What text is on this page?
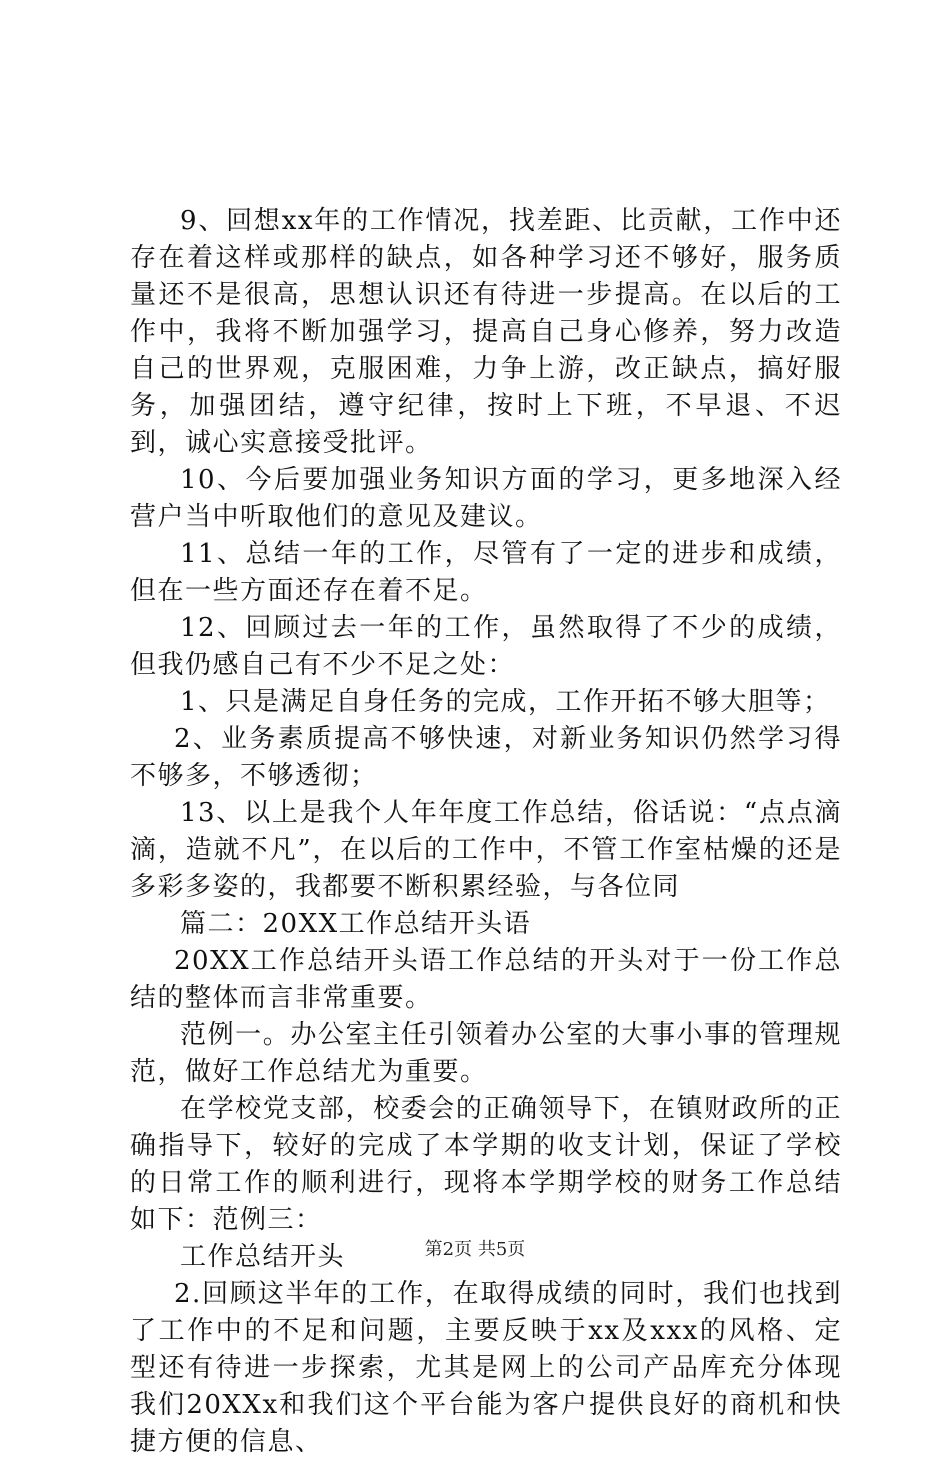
9、回想xx年的工作情况，找差距、比贡献，工作中还存在着这样或那样的缺点，如各种学习还不够好，服务质量还不是很高，思想认识还有待进一步提高。在以后的工作中，我将不断加强学习，提高自己身心修养，努力改造自己的世界观，克服困难，力争上游，改正缺点，搞好服务，加强团结，遵守纪律，按时上下班，不早退、不迟到，诚心实意接受批评。

10、今后要加强业务知识方面的学习，更多地深入经营户当中听取他们的意见及建议。

11、总结一年的工作，尽管有了一定的进步和成绩，但在一些方面还存在着不足。

12、回顾过去一年的工作，虽然取得了不少的成绩，但我仍感自己有不少不足之处：

1、只是满足自身任务的完成，工作开拓不够大胆等；

2、业务素质提高不够快速，对新业务知识仍然学习得不够多，不够透彻；

13、以上是我个人年年度工作总结，俗话说：“点点滴滴，造就不凡”，在以后的工作中，不管工作室枯燥的还是多彩多姿的，我都要不断积累经验，与各位同

篇二：20XX工作总结开头语

20XX工作总结开头语工作总结的开头对于一份工作总结的整体而言非常重要。

范例一。办公室主任引领着办公室的大事小事的管理规范，做好工作总结尤为重要。

在学校党支部，校委会的正确领导下，在镇财政所的正确指导下，较好的完成了本学期的收支计划，保证了学校的日常工作的顺利进行，现将本学期学校的财务工作总结如下：范例三：

工作总结开头

2.回顾这半年的工作，在取得成绩的同时，我们也找到了工作中的不足和问题，主要反映于xx及xxx的风格、定型还有待进一步探索，尤其是网上的公司产品库充分体现我们20XXx和我们这个平台能为客户提供良好的商机和快捷方便的信息、

第2页 共5页
